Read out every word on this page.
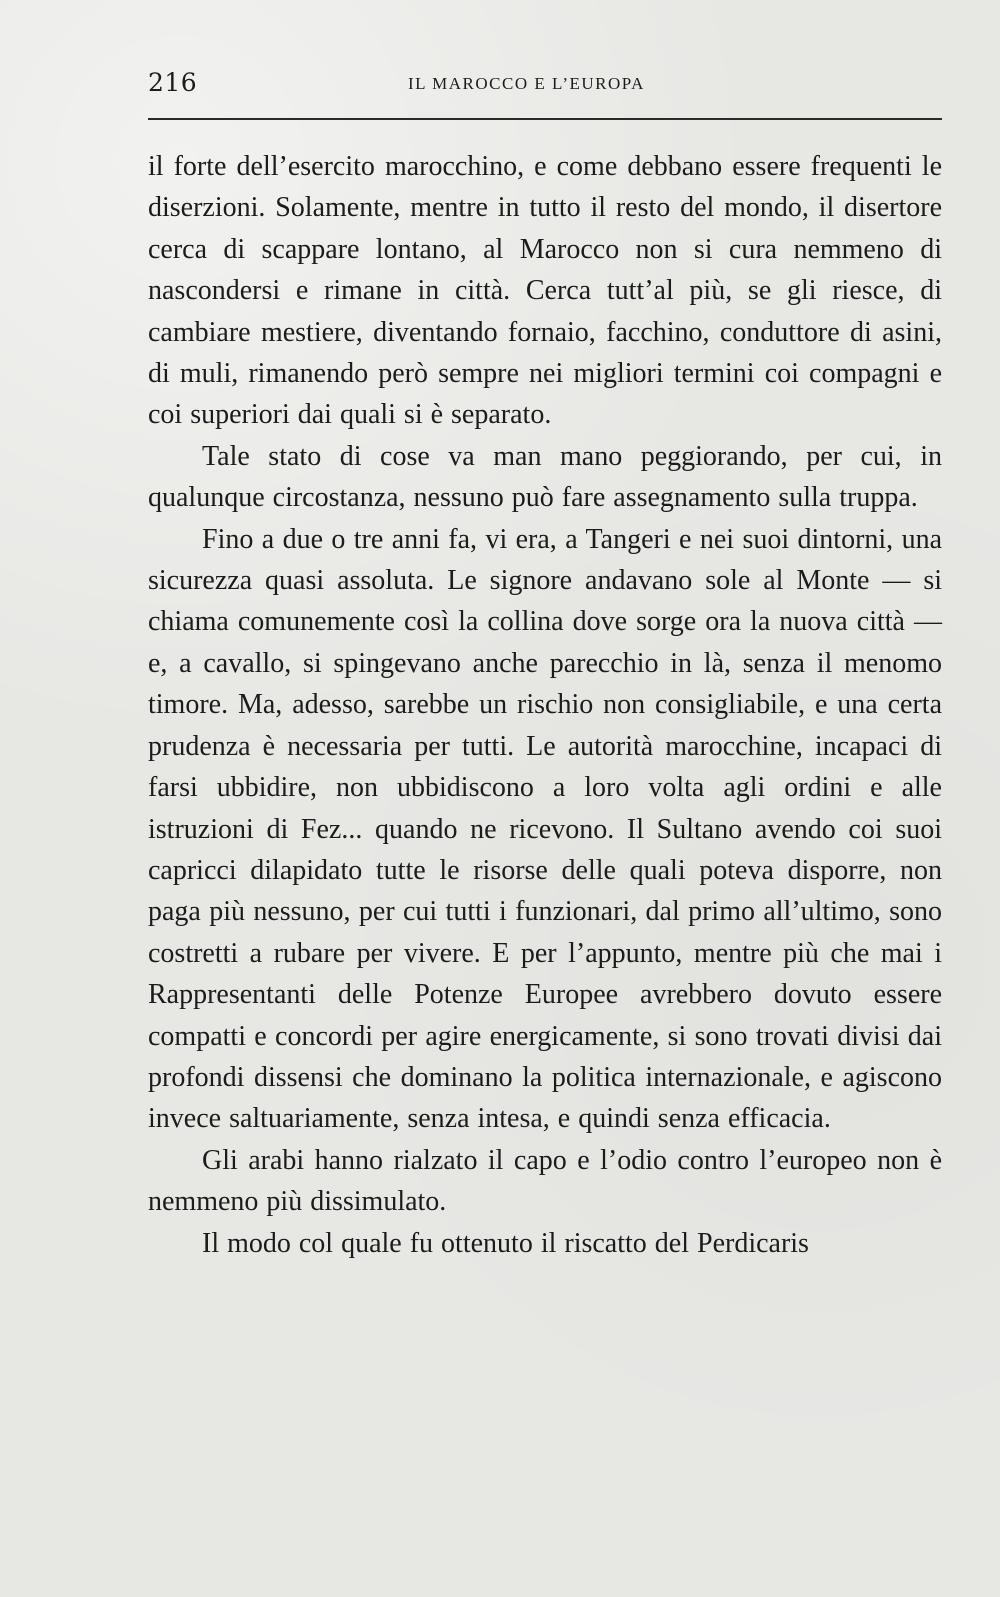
216	IL MAROCCO E L’EUROPA

il forte dell’esercito marocchino, e come debbano essere frequenti le diserzioni. Solamente, mentre in tutto il resto del mondo, il disertore cerca di scappare lontano, al Marocco non si cura nemmeno di nascondersi e rimane in città. Cerca tutt’al più, se gli riesce, di cambiare mestiere, diventando fornaio, facchino, conduttore di asini, di muli, rimanendo però sempre nei migliori termini coi compagni e coi superiori dai quali si è separato.

Tale stato di cose va man mano peggiorando, per cui, in qualunque circostanza, nessuno può fare assegnamento sulla truppa.

Fino a due o tre anni fa, vi era, a Tangeri e nei suoi dintorni, una sicurezza quasi assoluta. Le signore andavano sole al Monte — si chiama comunemente così la collina dove sorge ora la nuova città — e, a cavallo, si spingevano anche parecchio in là, senza il menomo timore. Ma, adesso, sarebbe un rischio non consigliabile, e una certa prudenza è necessaria per tutti. Le autorità marocchine, incapaci di farsi ubbidire, non ubbidiscono a loro volta agli ordini e alle istruzioni di Fez... quando ne ricevono. Il Sultano avendo coi suoi capricci dilapidato tutte le risorse delle quali poteva disporre, non paga più nessuno, per cui tutti i funzionari, dal primo all’ultimo, sono costretti a rubare per vivere. E per l’appunto, mentre più che mai i Rappresentanti delle Potenze Europee avrebbero dovuto essere compatti e concordi per agire energicamente, si sono trovati divisi dai profondi dissensi che dominano la politica internazionale, e agiscono invece saltuariamente, senza intesa, e quindi senza efficacia.

Gli arabi hanno rialzato il capo e l’odio contro l’europeo non è nemmeno più dissimulato.

Il modo col quale fu ottenuto il riscatto del Perdicaris
